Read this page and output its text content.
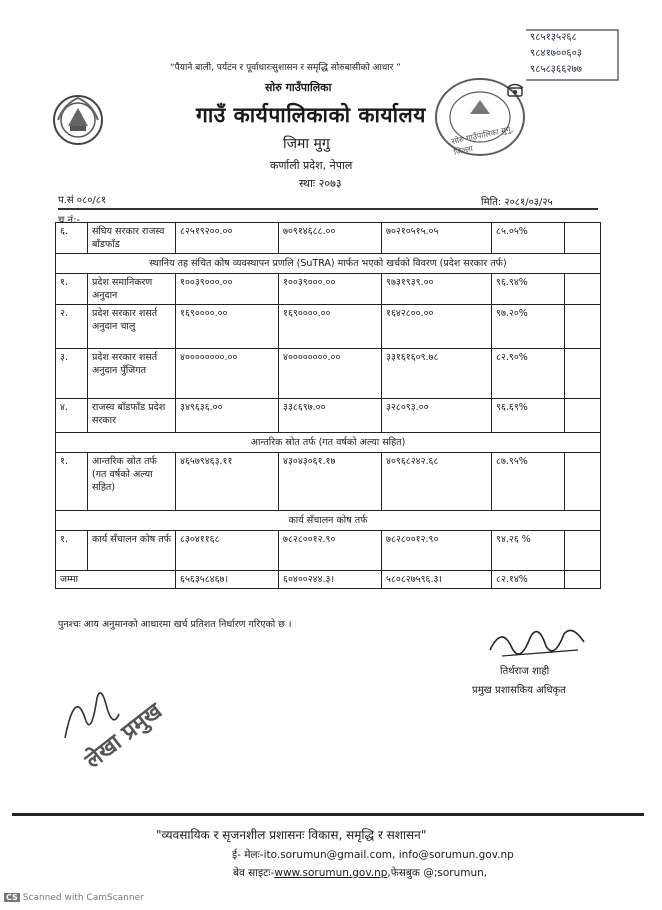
“पैयाने बाली, पर्यटन र पूर्वाधारःसुशासन र समृद्धि सोरुबासीको आधार ”
सोरु गाउँपालिका
गाउँ कार्यपालिकाको कार्यालय
जिमा मुगु
कर्णाली प्रदेश, नेपाल
स्थाः २०७३
सोरु गाउँपालिका मुगु, जिल्ला
९८५१३५२६८
९८४१७००६०३
९८५८३६६२७७
प.सं ०८०/८१	मिति: २०८१/०३/२५
च.नं:-
६.	संघिय सरकार राजस्व बाँडफाँड	८२५१९२००.००	७०९१४६८८.००	७०२१०५१५.०५	८५.०५%	
स्थानिय तह संचित कोष व्यवस्थापन प्रणलि (SuTRA) मार्फत भएको खर्चको विवरण (प्रदेश सरकार तर्फ)						
१.	प्रदेश समानिकरण अनुदान	१००३९०००.००	१००३९०००.००	९७३१९३९.००	९६.९४%	
२.	प्रदेश सरकार शसर्त अनुदान चालु	१६९००००.००	१६९००००.००	१६४२८००.००	९७.२०%	
३.	प्रदेश सरकार शसर्त अनुदान पुँजिगत	४००००००००.००	४००००००००.००	३३१६१६०९.७८	८२.९०%	
४.	राजस्व बाँडफाँड प्रदेश सरकार	३४९६३६.००	३३८६९७.००	३२८०९३.००	९६.६९%	
आन्तरिक स्रोत तर्फ (गत वर्षको अल्या सहित)						
१.	आन्तरिक स्रोत तर्फ (गत वर्षको अल्या सहित)	४६५७९४६३.११	४३०४३०६१.१७	४०९६८२४२.६८	८७.९५%	
कार्य सँचालन कोष तर्फ						
१.	कार्य सँचालन कोष तर्फ	८३०४११६८	७८२८००१२.९०	७८२८००१२.९०	९४.२६ %	
जम्मा		६५६३५८४६७।	६०४००२४४.३।	५८०८२७५९६.३।	८२.१४%	
पुनश्चः आय अनुमानको आधारमा खर्च प्रतिशत निर्धारण गरिएको छ ।
तिर्थराज शाही
प्रमुख प्रशासकिय अधिकृत
लेखा प्रमुख
"व्यवसायिक र सृजनशील प्रशासनः विकास, समृद्धि र सशासन"
ई- मेलः-ito.sorumun@gmail.com, info@sorumun.gov.np
बेव साइटः-www.sorumun.gov.np,फेसबुक @;sorumun,
CS Scanned with CamScanner
